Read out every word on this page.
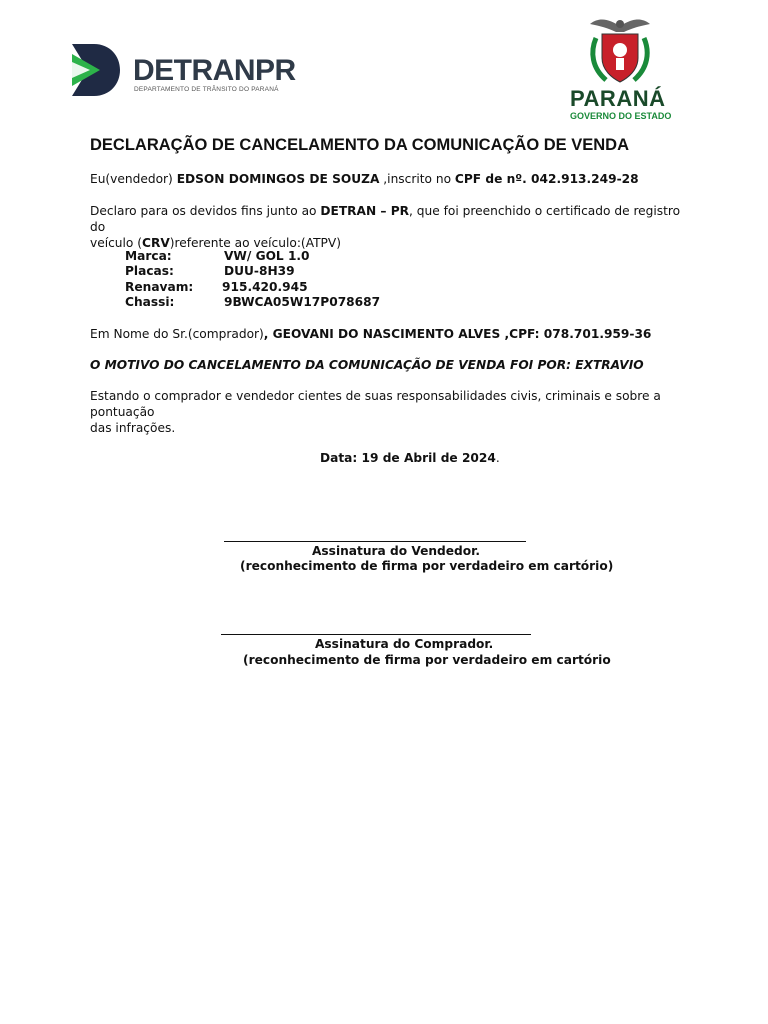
DETRANPR
DEPARTAMENTO DE TRÂNSITO DO PARANÁ	PARANÁ
GOVERNO DO ESTADO
DECLARAÇÃO DE CANCELAMENTO DA COMUNICAÇÃO DE VENDA
Eu(vendedor) EDSON DOMINGOS DE SOUZA ,inscrito no CPF de nº. 042.913.249-28
Declaro para os devidos fins junto ao DETRAN – PR, que foi preenchido o certificado de registro do
veículo (CRV)referente ao veículo:(ATPV)
Marca:	VW/ GOL 1.0
Placas:	DUU-8H39
Renavam: 915.420.945
Chassi:	9BWCA05W17P078687
Em Nome do Sr.(comprador), GEOVANI DO NASCIMENTO ALVES ,CPF: 078.701.959-36
O MOTIVO DO CANCELAMENTO DA COMUNICAÇÃO DE VENDA FOI POR: EXTRAVIO
Estando o comprador e vendedor cientes de suas responsabilidades civis, criminais e sobre a pontuação
das infrações.
Data: 19 de Abril de 2024.
Assinatura do Vendedor.
(reconhecimento de firma por verdadeiro em cartório)
Assinatura do Comprador.
(reconhecimento de firma por verdadeiro em cartório
